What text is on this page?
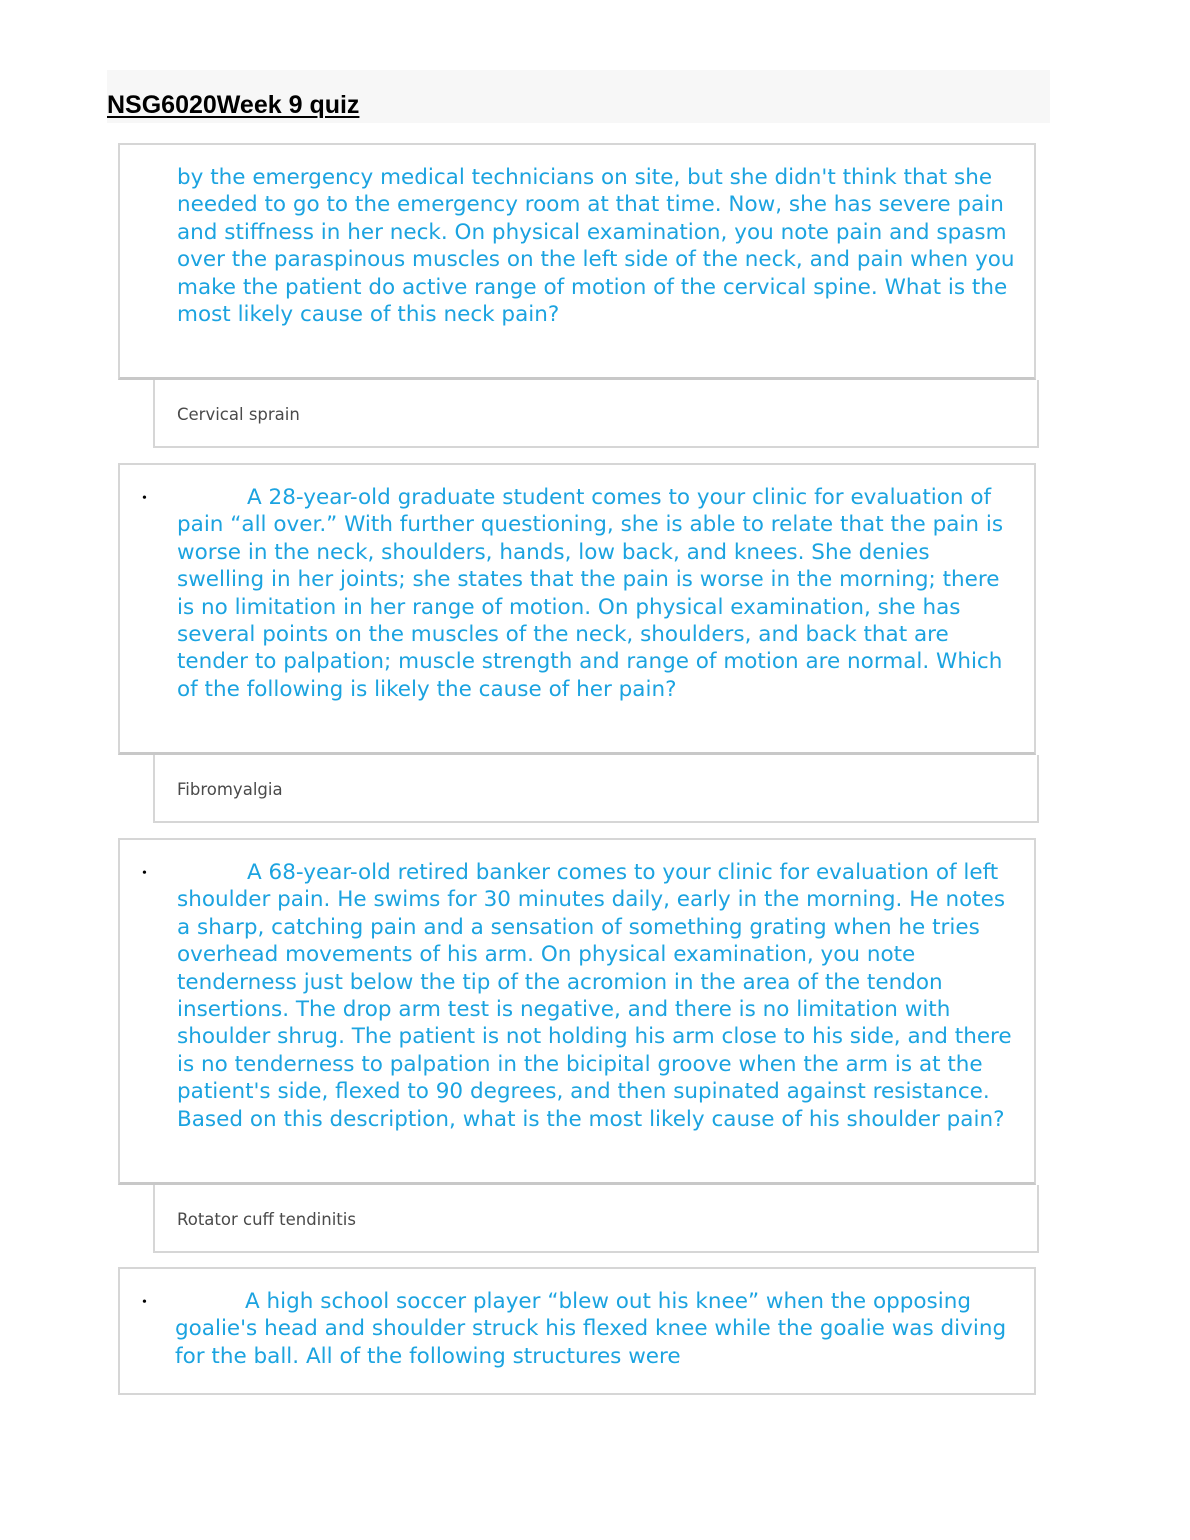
NSG6020Week 9 quiz

by the emergency medical technicians on site, but she didn't think that she needed to go to the emergency room at that time. Now, she has severe pain and stiffness in her neck. On physical examination, you note pain and spasm over the paraspinous muscles on the left side of the neck, and pain when you make the patient do active range of motion of the cervical spine. What is the most likely cause of this neck pain?

Cervical sprain

•	A 28-year-old graduate student comes to your clinic for evaluation of pain “all over.” With further questioning, she is able to relate that the pain is worse in the neck, shoulders, hands, low back, and knees. She denies swelling in her joints; she states that the pain is worse in the morning; there is no limitation in her range of motion. On physical examination, she has several points on the muscles of the neck, shoulders, and back that are tender to palpation; muscle strength and range of motion are normal. Which of the following is likely the cause of her pain?

Fibromyalgia

•	A 68-year-old retired banker comes to your clinic for evaluation of left shoulder pain. He swims for 30 minutes daily, early in the morning. He notes a sharp, catching pain and a sensation of something grating when he tries overhead movements of his arm. On physical examination, you note tenderness just below the tip of the acromion in the area of the tendon insertions. The drop arm test is negative, and there is no limitation with shoulder shrug. The patient is not holding his arm close to his side, and there is no tenderness to palpation in the bicipital groove when the arm is at the patient's side, flexed to 90 degrees, and then supinated against resistance. Based on this description, what is the most likely cause of his shoulder pain?

Rotator cuff tendinitis

•	A high school soccer player “blew out his knee” when the opposing goalie's head and shoulder struck his flexed knee while the goalie was diving for the ball. All of the following structures were
